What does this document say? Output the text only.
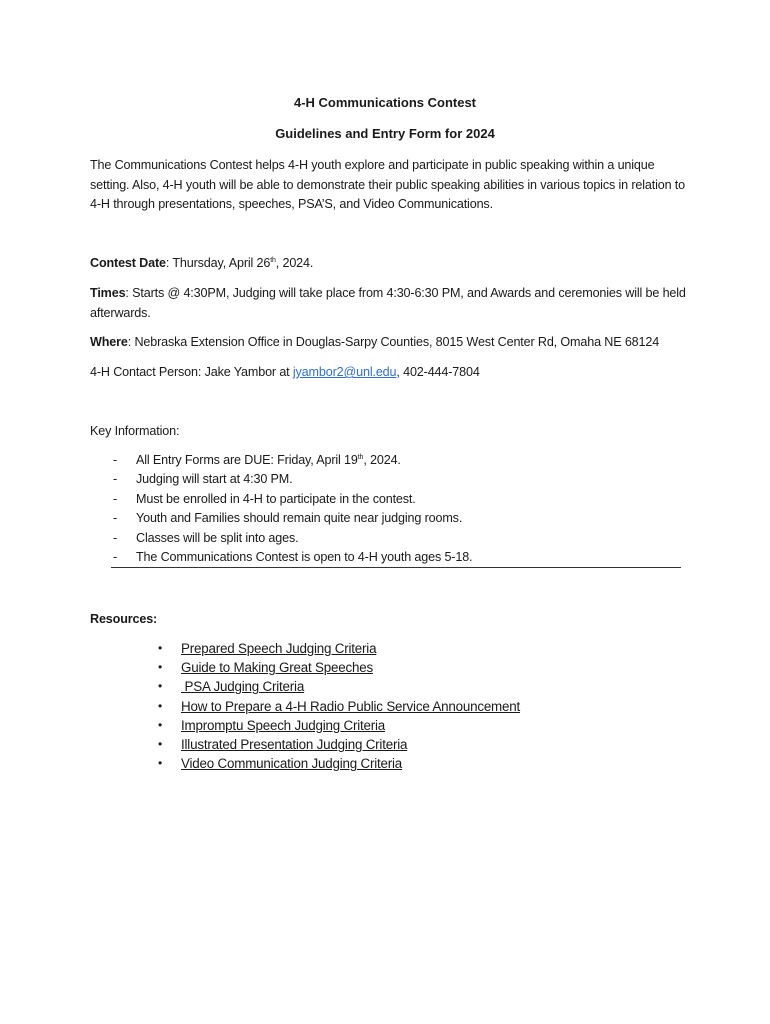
4-H Communications Contest
Guidelines and Entry Form for 2024
The Communications Contest helps 4-H youth explore and participate in public speaking within a unique setting. Also, 4-H youth will be able to demonstrate their public speaking abilities in various topics in relation to 4-H through presentations, speeches, PSA’S, and Video Communications.
Contest Date: Thursday, April 26th, 2024.
Times: Starts @ 4:30PM, Judging will take place from 4:30-6:30 PM, and Awards and ceremonies will be held afterwards.
Where: Nebraska Extension Office in Douglas-Sarpy Counties, 8015 West Center Rd, Omaha NE 68124
4-H Contact Person: Jake Yambor at jyambor2@unl.edu, 402-444-7804
Key Information:
- All Entry Forms are DUE: Friday, April 19th, 2024.
- Judging will start at 4:30 PM.
- Must be enrolled in 4-H to participate in the contest.
- Youth and Families should remain quite near judging rooms.
- Classes will be split into ages.
- The Communications Contest is open to 4-H youth ages 5-18.
Resources:
• Prepared Speech Judging Criteria
• Guide to Making Great Speeches
• PSA Judging Criteria
• How to Prepare a 4-H Radio Public Service Announcement
• Impromptu Speech Judging Criteria
• Illustrated Presentation Judging Criteria
• Video Communication Judging Criteria
